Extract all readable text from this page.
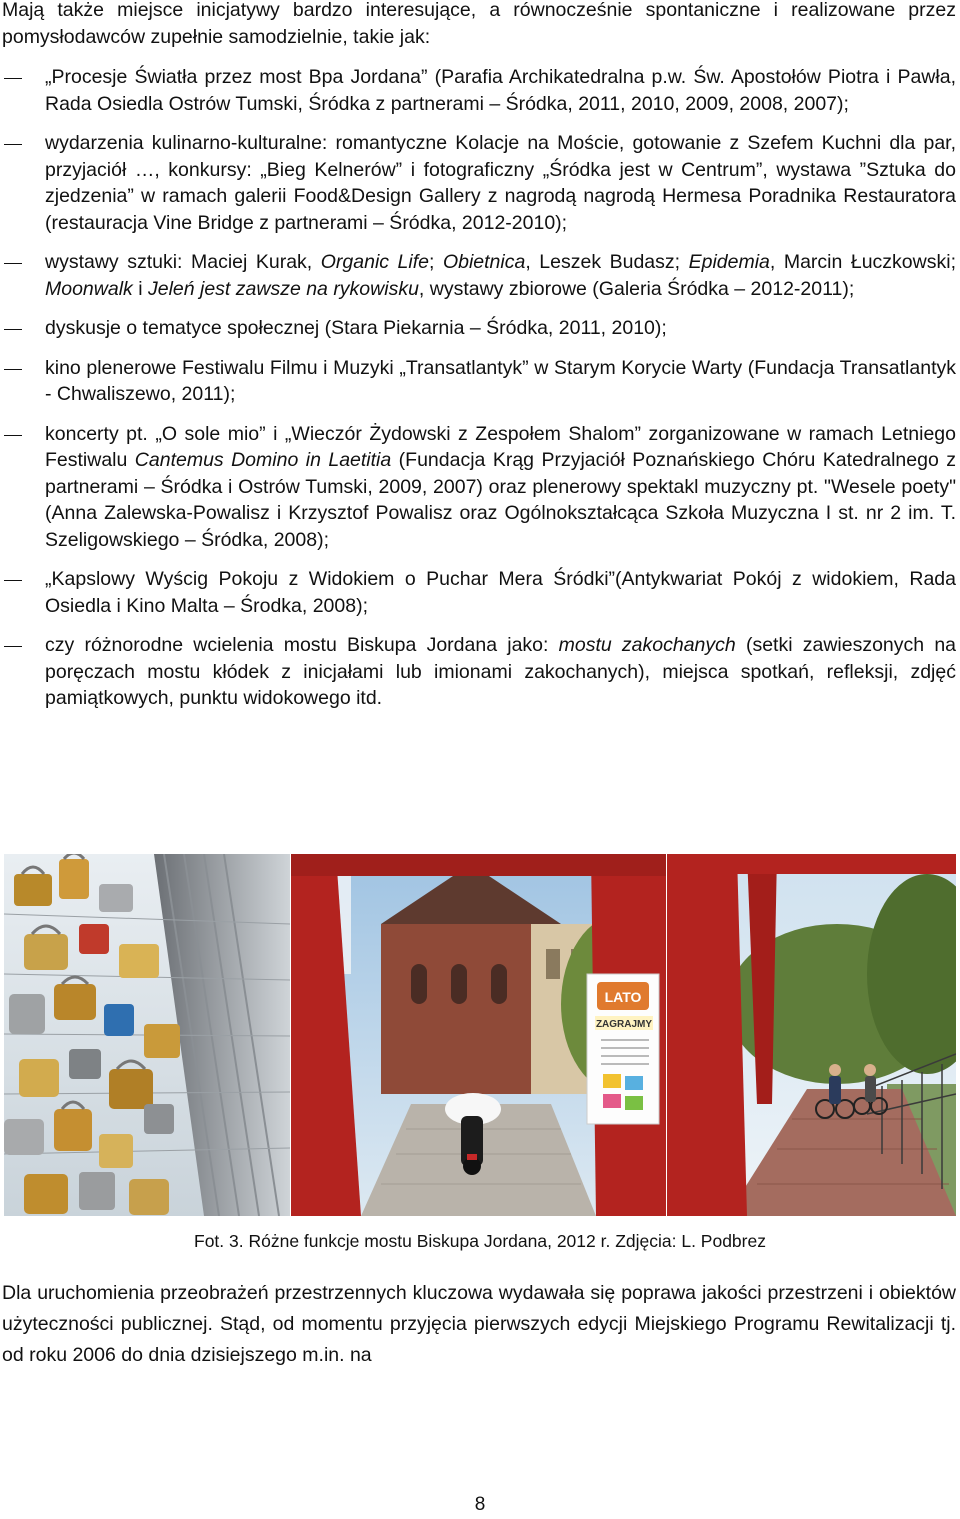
Mają także miejsce inicjatywy bardzo interesujące, a równocześnie spontaniczne i realizowane przez pomysłodawców zupełnie samodzielnie, takie jak:

„Procesje Światła przez most Bpa Jordana” (Parafia Archikatedralna p.w. Św. Apostołów Piotra i Pawła, Rada Osiedla Ostrów Tumski, Śródka z partnerami – Śródka, 2011, 2010, 2009, 2008, 2007);
wydarzenia kulinarno-kulturalne: romantyczne Kolacje na Moście, gotowanie z Szefem Kuchni dla par, przyjaciół …, konkursy: „Bieg Kelnerów” i fotograficzny „Śródka jest w Centrum”, wystawa ”Sztuka do zjedzenia” w ramach galerii Food&Design Gallery z nagrodą nagrodą Hermesa Poradnika Restauratora (restauracja Vine Bridge z partnerami – Śródka, 2012-2010);
wystawy sztuki: Maciej Kurak, Organic Life; Obietnica, Leszek Budasz; Epidemia, Marcin Łuczkowski; Moonwalk i Jeleń jest zawsze na rykowisku, wystawy zbiorowe (Galeria Śródka – 2012-2011);
dyskusje o tematyce społecznej (Stara Piekarnia – Śródka, 2011, 2010);
kino plenerowe Festiwalu Filmu i Muzyki „Transatlantyk” w Starym Korycie Warty (Fundacja Transatlantyk - Chwaliszewo, 2011);
koncerty pt. „O sole mio” i „Wieczór Żydowski z Zespołem Shalom” zorganizowane w ramach Letniego Festiwalu Cantemus Domino in Laetitia (Fundacja Krąg Przyjaciół Poznańskiego Chóru Katedralnego z partnerami – Śródka i Ostrów Tumski, 2009, 2007) oraz plenerowy spektakl muzyczny pt. "Wesele poety" (Anna Zalewska-Powalisz i Krzysztof Powalisz oraz Ogólnokształcąca Szkoła Muzyczna I st. nr 2 im. T. Szeligowskiego – Śródka, 2008);
„Kapslowy Wyścig Pokoju z Widokiem o Puchar Mera Śródki”(Antykwariat Pokój z widokiem, Rada Osiedla i Kino Malta – Środka, 2008);
czy różnorodne wcielenia mostu Biskupa Jordana jako: mostu zakochanych (setki zawieszonych na poręczach mostu kłódek z inicjałami lub imionami zakochanych), miejsca spotkań, refleksji, zdjęć pamiątkowych, punktu widokowego itd.
LATO
ZAGRAJMY
Fot. 3. Różne funkcje mostu Biskupa Jordana, 2012 r. Zdjęcia: L. Podbrez

Dla uruchomienia przeobrażeń przestrzennych kluczowa wydawała się poprawa jakości przestrzeni i obiektów użyteczności publicznej. Stąd, od momentu przyjęcia pierwszych edycji Miejskiego Programu Rewitalizacji tj. od roku 2006 do dnia dzisiejszego m.in. na

8
